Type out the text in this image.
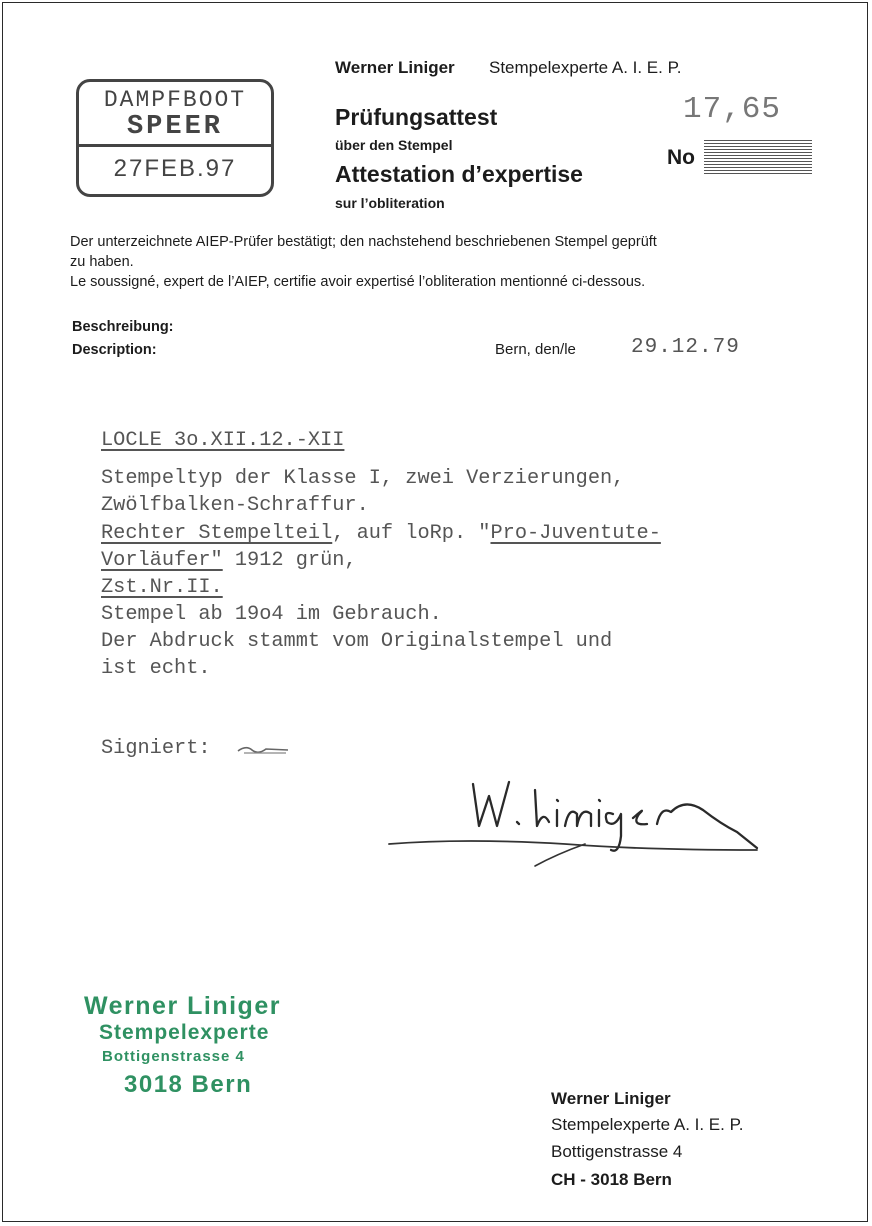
DAMPFBOOT
SPEER
27FEB.97
Werner Liniger Stempelexperte A. I. E. P.
Prüfungsattest
über den Stempel
Attestation d’expertise
sur l’obliteration
17,65
No
Der unterzeichnete AIEP-Prüfer bestätigt; den nachstehend beschriebenen Stempel geprüft
zu haben.
Le soussigné, expert de l’AIEP, certifie avoir expertisé l’obliteration mentionné ci-dessous.
Beschreibung:
Description:	Bern, den/le	29.12.79
LOCLE 3o.XII.12.-XII
Stempeltyp der Klasse I, zwei Verzierungen,
Zwölfbalken-Schraffur.
Rechter Stempelteil, auf loRp. "Pro-Juventute-
Vorläufer" 1912 grün,
Zst.Nr.II.
Stempel ab 19o4 im Gebrauch.
Der Abdruck stammt vom Originalstempel und
ist echt.
Signiert:
Werner Liniger
Stempelexperte
Bottigenstrasse 4
3018 Bern
Werner Liniger
Stempelexperte A. I. E. P.
Bottigenstrasse 4
CH - 3018 Bern
